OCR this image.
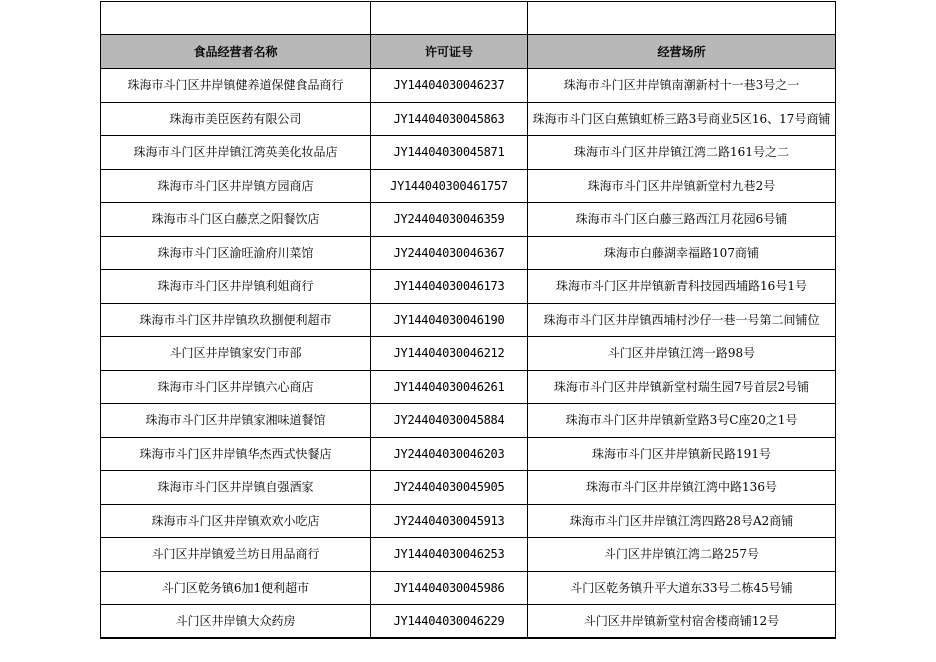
食品经营者名称	许可证号	经营场所
珠海市斗门区井岸镇健养道保健食品商行	JY14404030046237	珠海市斗门区井岸镇南潮新村十一巷3号之一
珠海市美臣医药有限公司	JY14404030045863	珠海市斗门区白蕉镇虹桥三路3号商业5区16、17号商铺
珠海市斗门区井岸镇江湾英美化妆品店	JY14404030045871	珠海市斗门区井岸镇江湾二路161号之二
珠海市斗门区井岸镇方园商店	JY144040300461757	珠海市斗门区井岸镇新堂村九巷2号
珠海市斗门区白藤烹之阳餐饮店	JY24404030046359	珠海市斗门区白藤三路西江月花园6号铺
珠海市斗门区渝旺渝府川菜馆	JY24404030046367	珠海市白藤湖幸福路107商铺
珠海市斗门区井岸镇利姐商行	JY14404030046173	珠海市斗门区井岸镇新青科技园西埔路16号1号
珠海市斗门区井岸镇玖玖捌便利超市	JY14404030046190	珠海市斗门区井岸镇西埔村沙仔一巷一号第二间铺位
斗门区井岸镇家安门市部	JY14404030046212	斗门区井岸镇江湾一路98号
珠海市斗门区井岸镇六心商店	JY14404030046261	珠海市斗门区井岸镇新堂村瑞生园7号首层2号铺
珠海市斗门区井岸镇家湘味道餐馆	JY24404030045884	珠海市斗门区井岸镇新堂路3号C座20之1号
珠海市斗门区井岸镇华杰西式快餐店	JY24404030046203	珠海市斗门区井岸镇新民路191号
珠海市斗门区井岸镇自强酒家	JY24404030045905	珠海市斗门区井岸镇江湾中路136号
珠海市斗门区井岸镇欢欢小吃店	JY24404030045913	珠海市斗门区井岸镇江湾四路28号A2商铺
斗门区井岸镇爱兰坊日用品商行	JY14404030046253	斗门区井岸镇江湾二路257号
斗门区乾务镇6加1便利超市	JY14404030045986	斗门区乾务镇升平大道东33号二栋45号铺
斗门区井岸镇大众药房	JY14404030046229	斗门区井岸镇新堂村宿舍楼商铺12号
